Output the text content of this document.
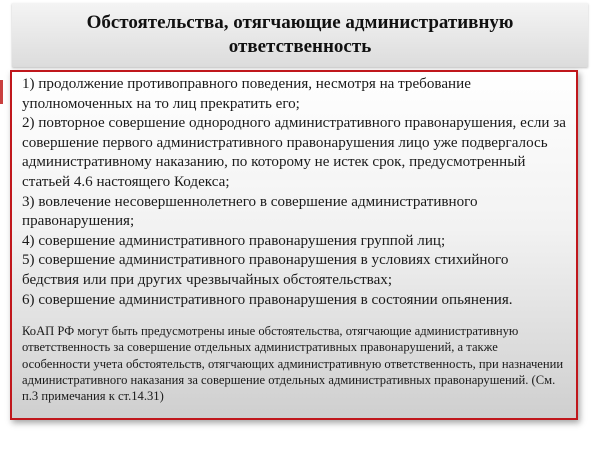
Обстоятельства, отягчающие административную ответственность
1) продолжение противоправного поведения, несмотря на требование уполномоченных на то лиц прекратить его;
2) повторное совершение однородного административного правонарушения, если за совершение первого административного правонарушения лицо уже подвергалось административному наказанию, по которому не истек срок, предусмотренный статьей 4.6 настоящего Кодекса;
3) вовлечение несовершеннолетнего в совершение административного правонарушения;
4) совершение административного правонарушения группой лиц;
5) совершение административного правонарушения в условиях стихийного бедствия или при других чрезвычайных обстоятельствах;
6) совершение административного правонарушения в состоянии опьянения.

КоАП РФ могут быть предусмотрены иные обстоятельства, отягчающие административную ответственность за совершение отдельных административных правонарушений, а также особенности учета обстоятельств, отягчающих административную ответственность, при назначении административного наказания за совершение отдельных административных правонарушений. (См. п.3 примечания к ст.14.31)
